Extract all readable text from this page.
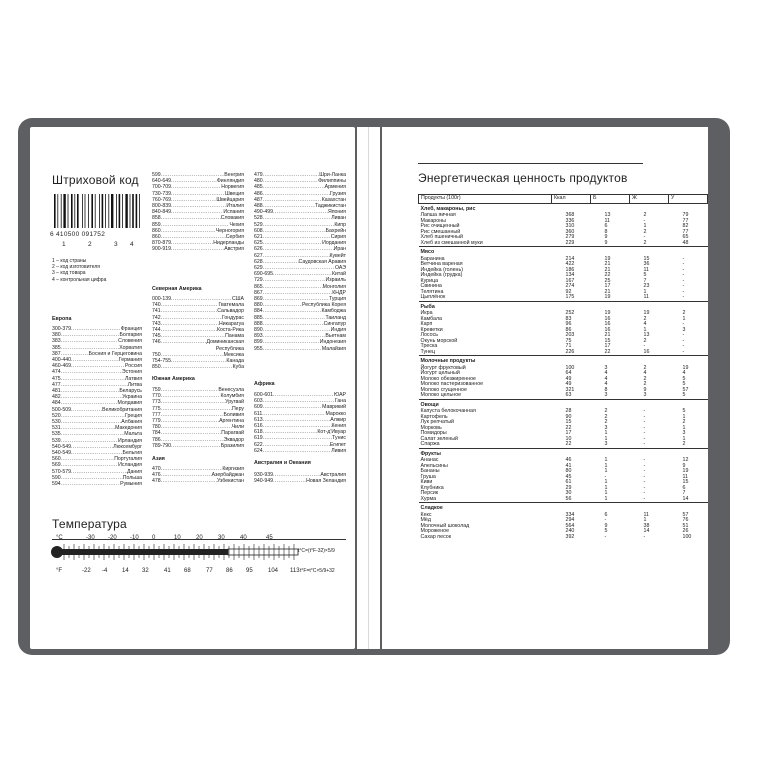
Штриховой код
6 410500 091752
1	2	3 4
1 – код страны
2 – код изготовителя
3 – код товара
4 – контрольная цифра
Европа
300-379 .....	Франция
380 .....	Болгария
383 .....	Словения
385 .....	Хорватия
387 .....	Босния и Герцеговина
400-440 .....	Германия
460-469 .....	Россия
474 .....	Эстония
475 .....	Латвия
477 .....	Литва
481 .....	Беларусь
482 .....	Украина
484 .....	Молдавия
500-509 .....	Великобритания
520 .....	Греция
530 .....	Албания
531 .....	Македония
535 .....	Мальта
539 .....	Ирландия
540-549 .....	Люксембург
540-549 .....	Бельгия
560 .....	Португалия
569 .....	Исландия
570-579 .....	Дания
590 .....	Польша
594 .....	Румыния
599 .....	Венгрия
640-649 .....	Финляндия
700-709 .....	Норвегия
730-739 .....	Швеция
760-769 .....	Швейцария
800-839 .....	Италия
840-849 .....	Испания
858 .....	Словакия
859 .....	Чехия
860 .....	Черногория
860 .....	Сербия
870-879 .....	Нидерланды
900-919 .....	Австрия
Северная Америка
000-139 .....	США
740 .....	Гватемала
741 .....	Сальвадор
742 .....	Гондурас
743 .....	Никарагуа
744 .....	Коста-Рика
745 .....	Панама
746 .....	Доминиканская
Республика
750 .....	Мексика
754-755 .....	Канада
850 .....	Куба
Южная Америка
759 .....	Венесуэла
770 .....	Колумбия
773 .....	Уругвай
775 .....	Перу
777 .....	Боливия
779 .....	Аргентина
780 .....	Чили
784 .....	Парагвай
786 .....	Эквадор
789-790 .....	Бразилия
Азия
470 .....	Киргизия
476 .....	Азербайджан
478 .....	Узбекистан
479 .....	Шри-Ланка
480 .....	Филиппины
485 .....	Армения
486 .....	Грузия
487 .....	Казахстан
488 .....	Таджикистан
490-499 .....	Япония
528 .....	Ливан
529 .....	Кипр
608 .....	Бахрейн
621 .....	Сирия
625 .....	Иордания
626 .....	Иран
627 .....	Кувейт
628 .....	Саудовская Аравия
629 .....	ОАЭ
690-695 .....	Китай
729 .....	Израиль
865 .....	Монголия
867 .....	КНДР
869 .....	Турция
880 .....	Республика Корея
884 .....	Камбоджа
885 .....	Таиланд
888 .....	Сингапур
890 .....	Индия
893 .....	Вьетнам
899 .....	Индонезия
955 .....	Малайзия
Африка
600-601 .....	ЮАР
603 .....	Гана
609 .....	Маврикий
611 .....	Марокко
613 .....	Алжир
616 .....	Кения
618 .....	Кот-д'Ивуар
619 .....	Тунис
622 .....	Египет
624 .....	Ливия
Австралия и Океания
930-939 .....	Австралия
940-949 .....	Новая Зеландия
Температура
°C
°F
-30 -20 -10 0	10	20	30	40	45
-22 -4 14 32	41 68	77 86 95	104 113
t°C=(t°F-32)×5/9
t°F=t°C×5/9+32
Энергетическая ценность продуктов
Продукты (100г)	Ккал	Б	Ж	У
Хлеб, макароны, рис				
Лапша яичная	368	13	2	79
Макароны	336	11	-	77
Рис очищенный	310	6	1	82
Рис смешанный	360	8	2	77
Хлеб пшеничный	279	9	-	65
Хлеб из смешанной муки	229	9	2	48
Мясо				
Баранина	214	19	15	-
Ветчина вареная	422	21	36	-
Индейка (голень)	186	21	11	-
Индейка (грудка)	134	22	5	-
Курица	167	25	7	-
Свинина	274	17	23	-
Телятина	92	21	1	-
Цыплёнок	175	19	11	-
Рыба				
Икра	252	19	19	2
Камбала	83	16	2	1
Карп	96	16	4	-
Креветки	86	16	1	3
Лосось	203	21	13	-
Окунь морской	75	15	2	-
Треска	71	17	-	-
Тунец	226	22	16	-
Молочные продукты				
Йогурт фруктовый	100	3	2	19
Йогурт цельный	64	4	4	4
Молоко обезжиренное	49	4	2	5
Молоко пастеризованное	49	4	2	5
Молоко сгущенное	321	8	9	57
Молоко цельное	63	3	3	5
Овощи				
Капуста белокочанная	28	2	-	5
Картофель	90	2	-	1
Лук репчатый	15	2	-	2
Морковь	22	3	-	1
Помидоры	17	1	-	3
Салат зеленый	10	1	-	1
Спаржа	22	3	-	2
Фрукты				
Ананас	46	1	-	12
Апельсины	41	1	-	9
Бананы	80	1	-	19
Груша	45	-	-	11
Киви	61	1	-	15
Клубника	29	1	-	6
Персик	30	1	-	7
Хурма	56	1	-	14
Сладкое				
Кекс	334	6	11	57
Мёд	294	-	1	76
Молочный шоколад	564	9	38	51
Мороженое	240	5	14	26
Сахар песок	392	-	-	100
